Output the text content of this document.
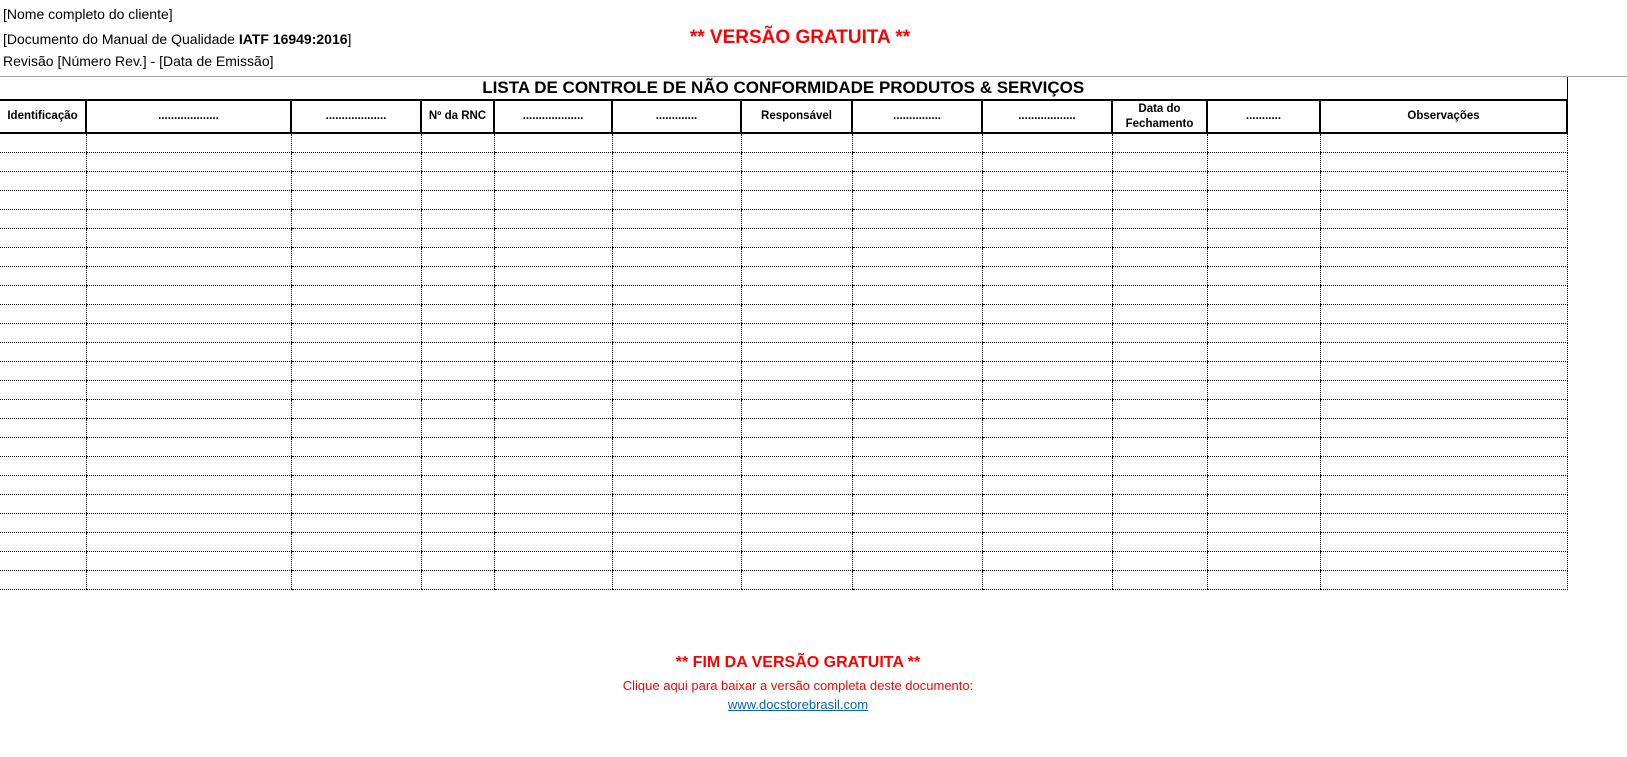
[Nome completo do cliente]
[Documento do Manual de Qualidade IATF 16949:2016]
Revisão [Número Rev.] - [Data de Emissão]
** VERSÃO GRATUITA **
LISTA DE CONTROLE DE NÃO CONFORMIDADE PRODUTOS & SERVIÇOS											
Identificação	...................	...................	Nº da RNC	...................	.............	Responsável	...............	..................	Data do Fechamento	...........	Observações

** FIM DA VERSÃO GRATUITA **
Clique aqui para baixar a versão completa deste documento:
www.docstorebrasil.com
